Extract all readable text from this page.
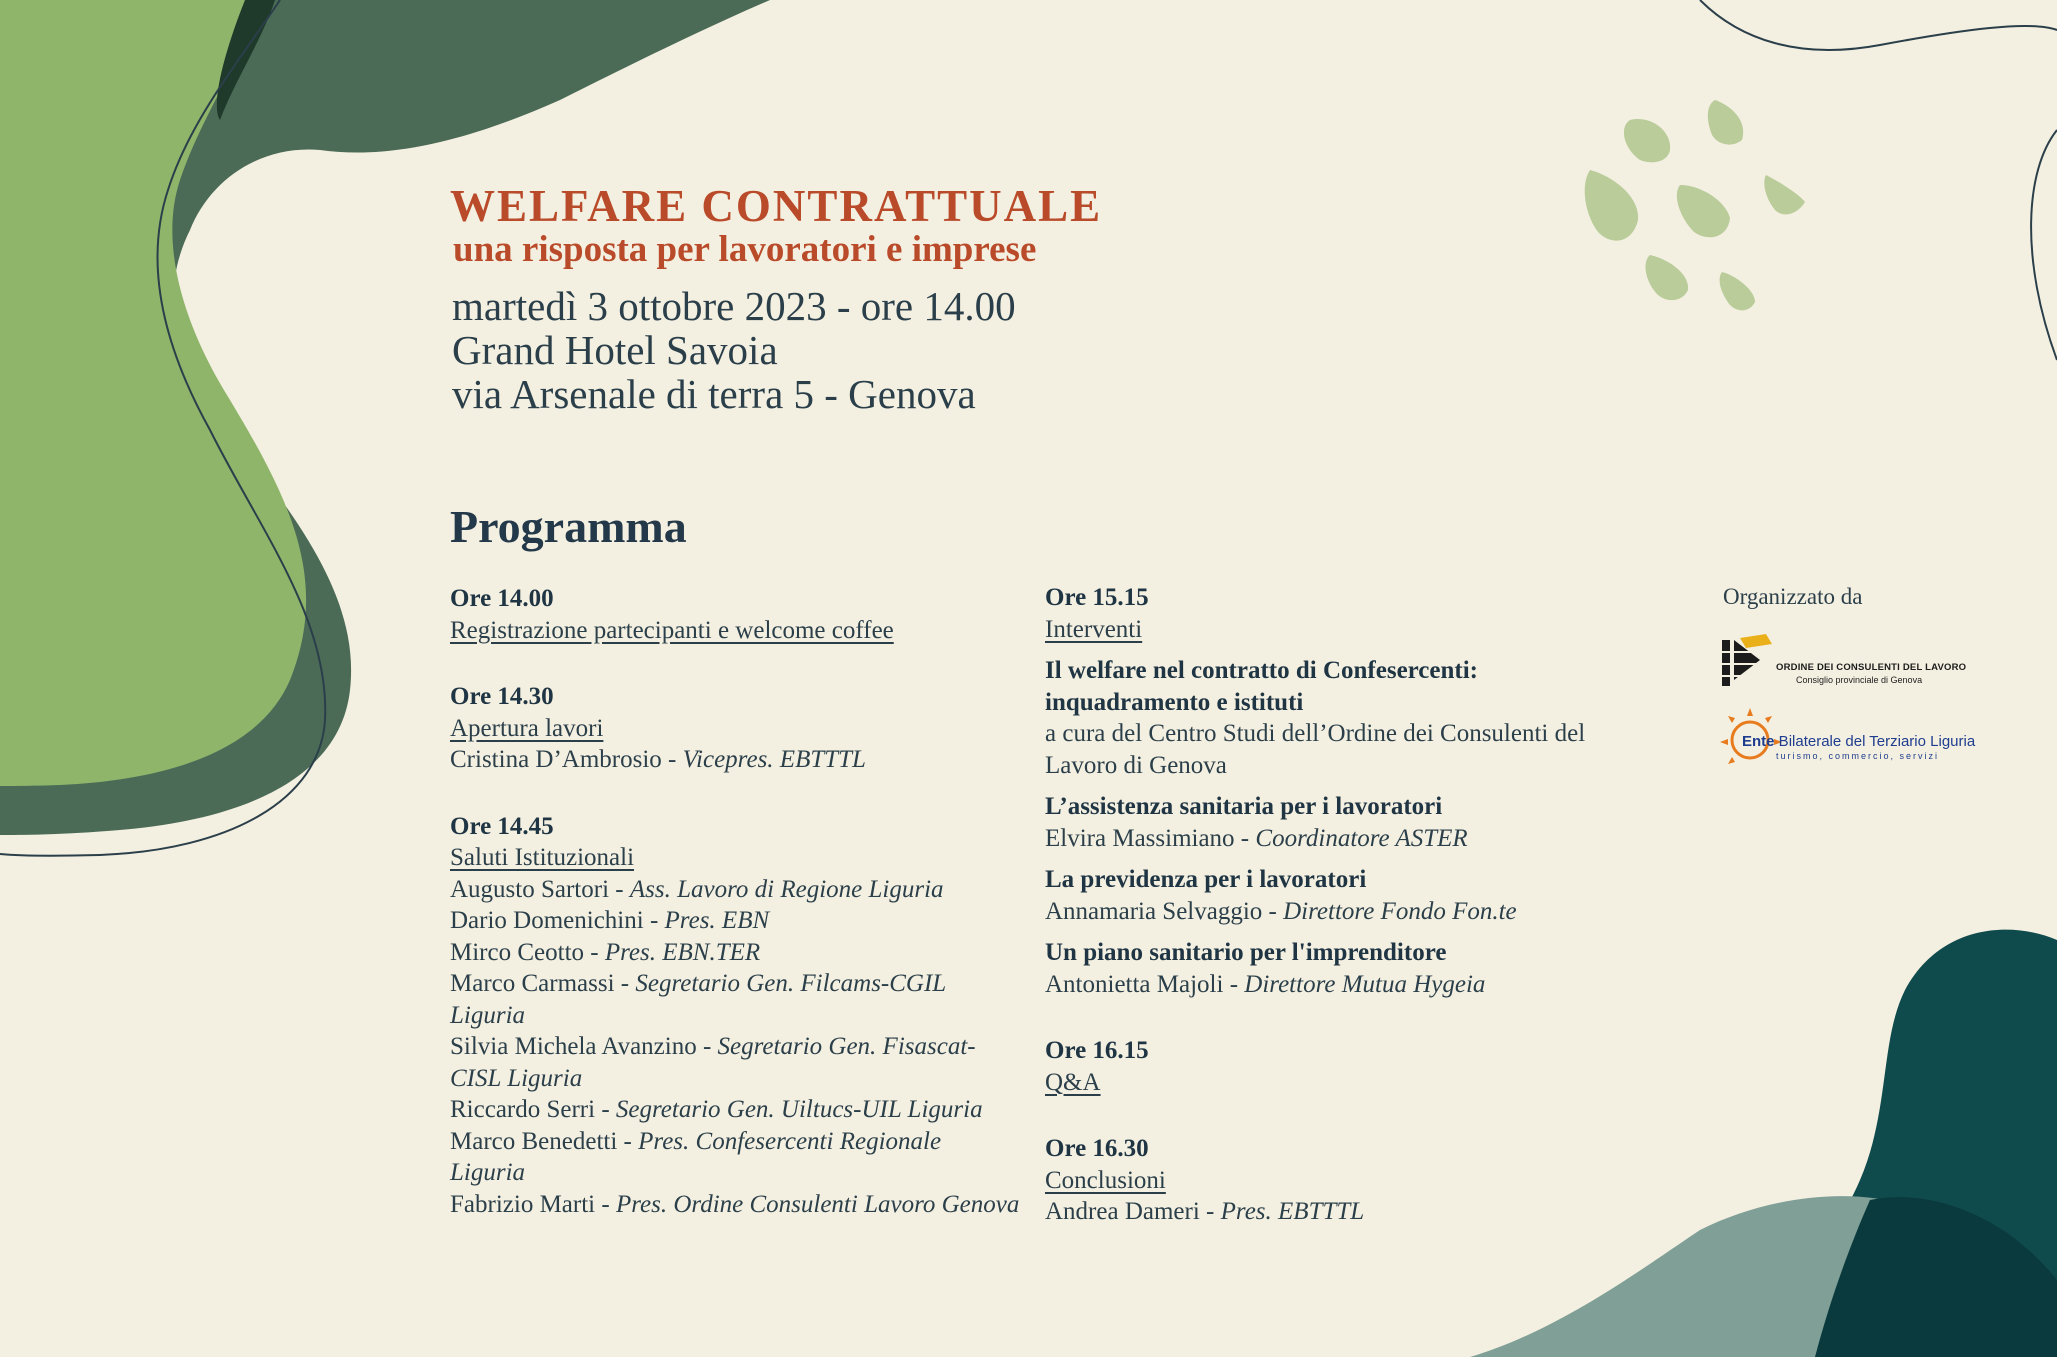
WELFARE CONTRATTUALE
una risposta per lavoratori e imprese
martedì 3 ottobre 2023 - ore 14.00
Grand Hotel Savoia
via Arsenale di terra 5 - Genova
Programma
Ore 14.00
Registrazione partecipanti e welcome coffee
Ore 14.30
Apertura lavori
Cristina D’Ambrosio - Vicepres. EBTTTL
Ore 14.45
Saluti Istituzionali
Augusto Sartori - Ass. Lavoro di Regione Liguria
Dario Domenichini - Pres. EBN
Mirco Ceotto - Pres. EBN.TER
Marco Carmassi - Segretario Gen. Filcams-CGIL Liguria
Silvia Michela Avanzino - Segretario Gen. Fisascat-CISL Liguria
Riccardo Serri - Segretario Gen. Uiltucs-UIL Liguria
Marco Benedetti - Pres. Confesercenti Regionale Liguria
Fabrizio Marti - Pres. Ordine Consulenti Lavoro Genova
Ore 15.15
Interventi
Il welfare nel contratto di Confesercenti: inquadramento e istituti
a cura del Centro Studi dell’Ordine dei Consulenti del Lavoro di Genova
L’assistenza sanitaria per i lavoratori
Elvira Massimiano - Coordinatore ASTER
La previdenza per i lavoratori
Annamaria Selvaggio - Direttore Fondo Fon.te
Un piano sanitario per l'imprenditore
Antonietta Majoli - Direttore Mutua Hygeia
Ore 16.15
Q&A
Ore 16.30
Conclusioni
Andrea Dameri - Pres. EBTTTL
Organizzato da
ORDINE DEI CONSULENTI DEL LAVORO
Consiglio provinciale di Genova
Ente Bilaterale del Terziario Liguria
turismo, commercio, servizi
